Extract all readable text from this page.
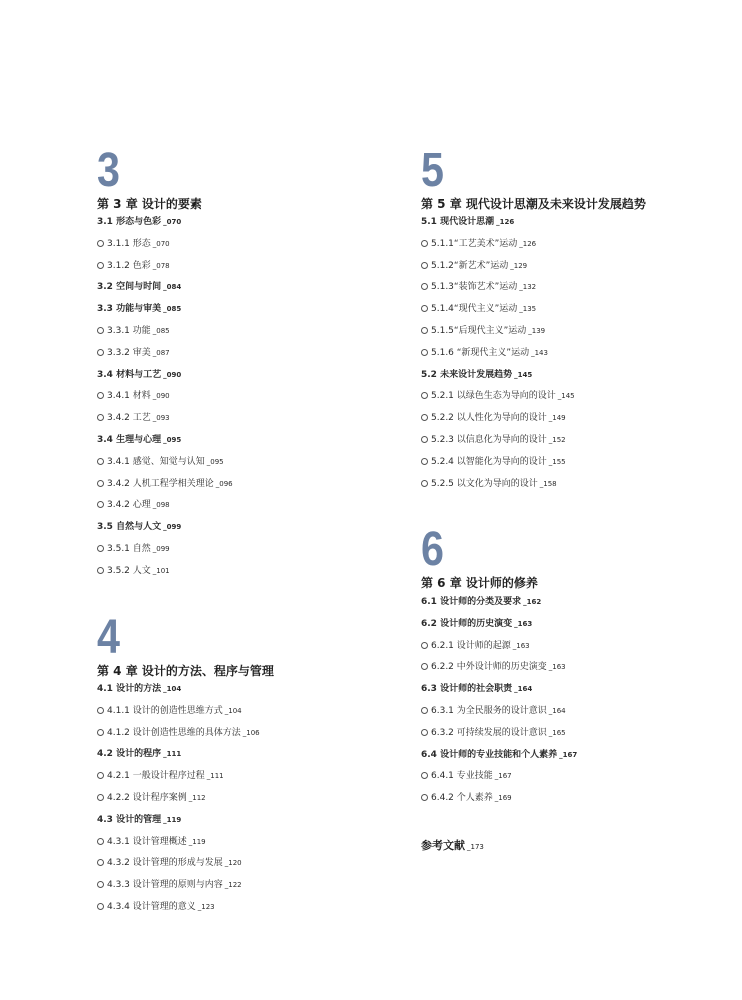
3
第 3 章 设计的要素
3.1 形态与色彩 _070
3.1.1 形态 _070
3.1.2 色彩 _078
3.2 空间与时间 _084
3.3 功能与审美 _085
3.3.1 功能 _085
3.3.2 审美 _087
3.4 材料与工艺 _090
3.4.1 材料 _090
3.4.2 工艺 _093
3.4 生理与心理 _095
3.4.1 感觉、知觉与认知 _095
3.4.2 人机工程学相关理论 _096
3.4.2 心理 _098
3.5 自然与人文 _099
3.5.1 自然 _099
3.5.2 人文 _101
4
第 4 章 设计的方法、程序与管理
4.1 设计的方法 _104
4.1.1 设计的创造性思维方式 _104
4.1.2 设计创造性思维的具体方法 _106
4.2 设计的程序 _111
4.2.1 一般设计程序过程 _111
4.2.2 设计程序案例 _112
4.3 设计的管理 _119
4.3.1 设计管理概述 _119
4.3.2 设计管理的形成与发展 _120
4.3.3 设计管理的原则与内容 _122
4.3.4 设计管理的意义 _123
5
第 5 章 现代设计思潮及未来设计发展趋势
5.1 现代设计思潮 _126
5.1.1“工艺美术”运动 _126
5.1.2“新艺术”运动 _129
5.1.3“装饰艺术”运动 _132
5.1.4“现代主义”运动 _135
5.1.5“后现代主义”运动 _139
5.1.6 “新现代主义”运动 _143
5.2 未来设计发展趋势 _145
5.2.1 以绿色生态为导向的设计 _145
5.2.2 以人性化为导向的设计 _149
5.2.3 以信息化为导向的设计 _152
5.2.4 以智能化为导向的设计 _155
5.2.5 以文化为导向的设计 _158
6
第 6 章 设计师的修养
6.1 设计师的分类及要求 _162
6.2 设计师的历史演变 _163
6.2.1 设计师的起源 _163
6.2.2 中外设计师的历史演变 _163
6.3 设计师的社会职责 _164
6.3.1 为全民服务的设计意识 _164
6.3.2 可持续发展的设计意识 _165
6.4 设计师的专业技能和个人素养 _167
6.4.1 专业技能 _167
6.4.2 个人素养 _169
参考文献 _173
